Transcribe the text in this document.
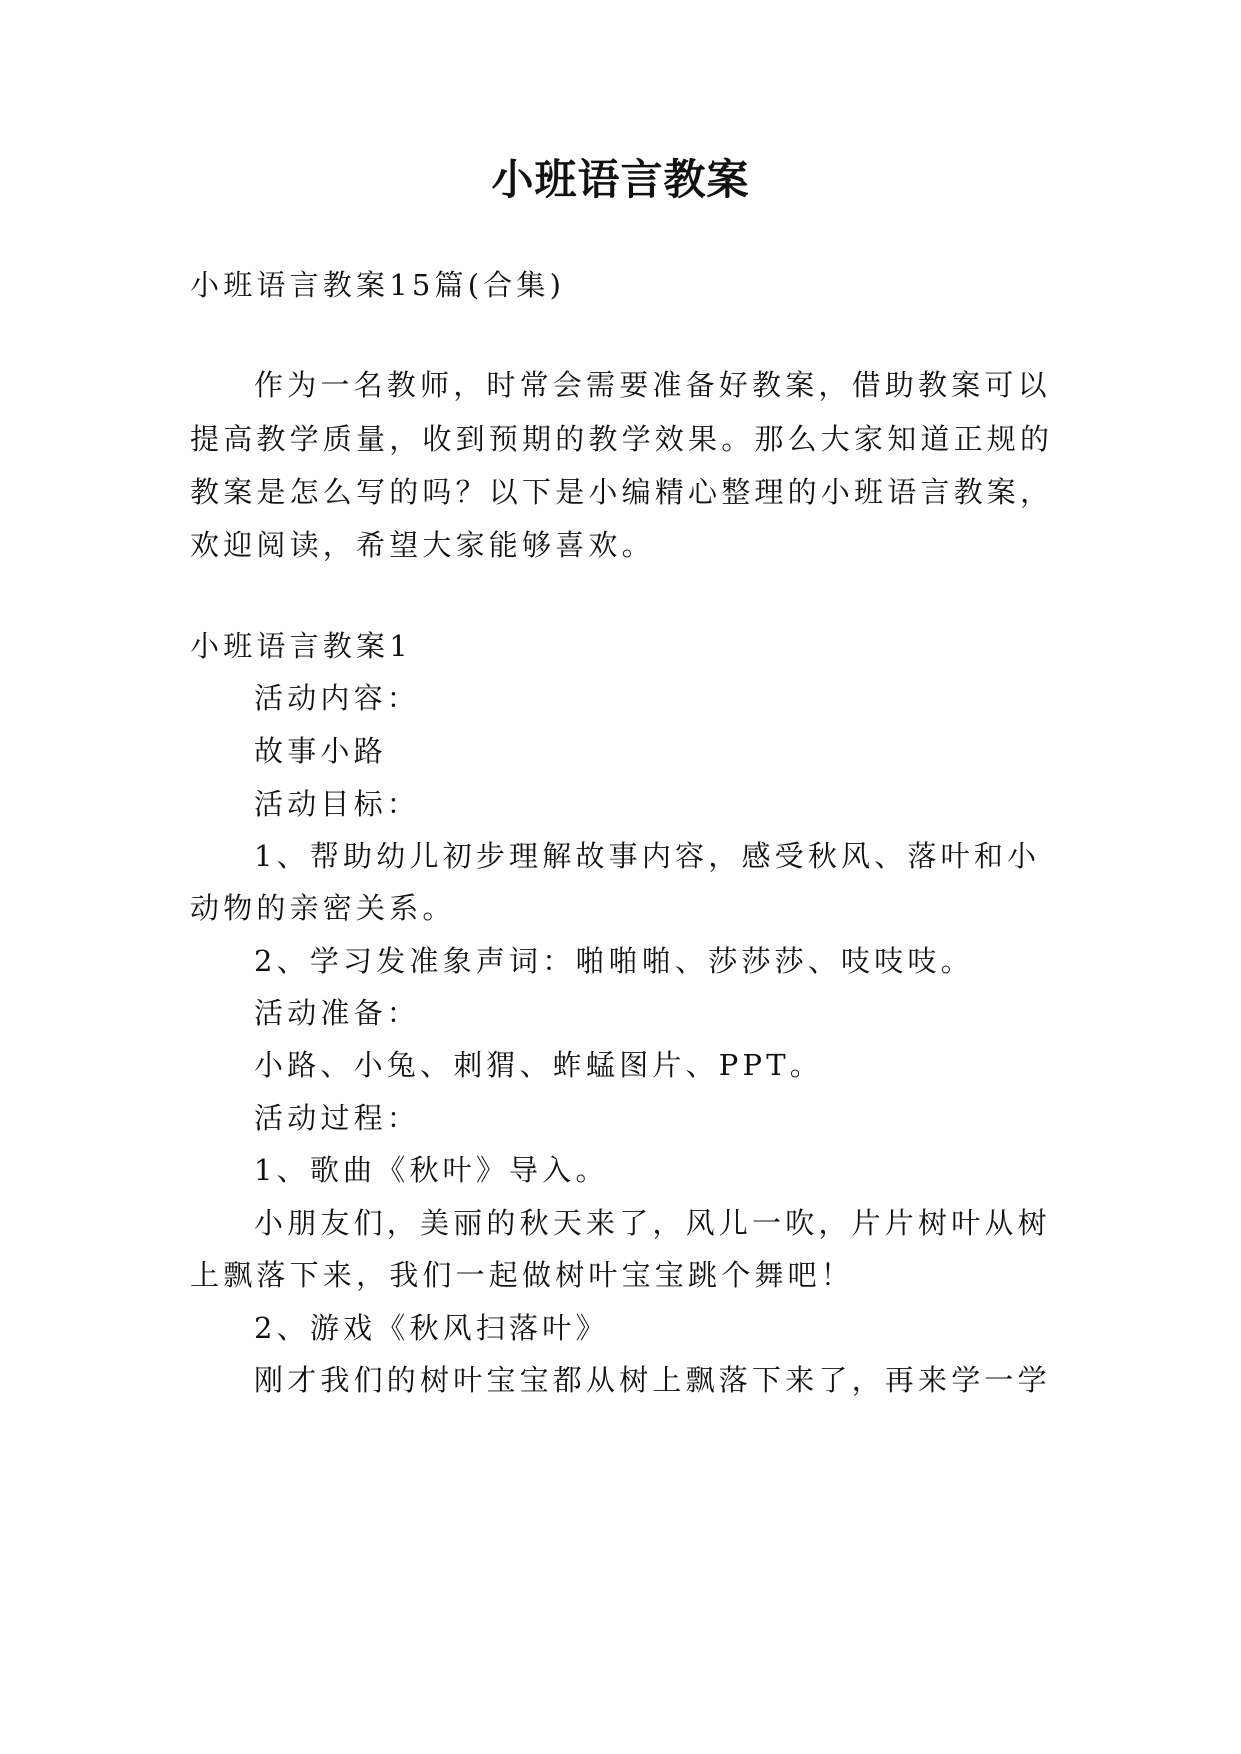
小班语言教案
小班语言教案15篇(合集)
作为一名教师，时常会需要准备好教案，借助教案可以
提高教学质量，收到预期的教学效果。那么大家知道正规的
教案是怎么写的吗？以下是小编精心整理的小班语言教案，
欢迎阅读，希望大家能够喜欢。
小班语言教案1
活动内容：
故事小路
活动目标：
1、帮助幼儿初步理解故事内容，感受秋风、落叶和小
动物的亲密关系。
2、学习发准象声词：啪啪啪、莎莎莎、吱吱吱。
活动准备：
小路、小兔、刺猬、蚱蜢图片、PPT。
活动过程：
1、歌曲《秋叶》导入。
小朋友们，美丽的秋天来了，风儿一吹，片片树叶从树
上飘落下来，我们一起做树叶宝宝跳个舞吧！
2、游戏《秋风扫落叶》
刚才我们的树叶宝宝都从树上飘落下来了，再来学一学
